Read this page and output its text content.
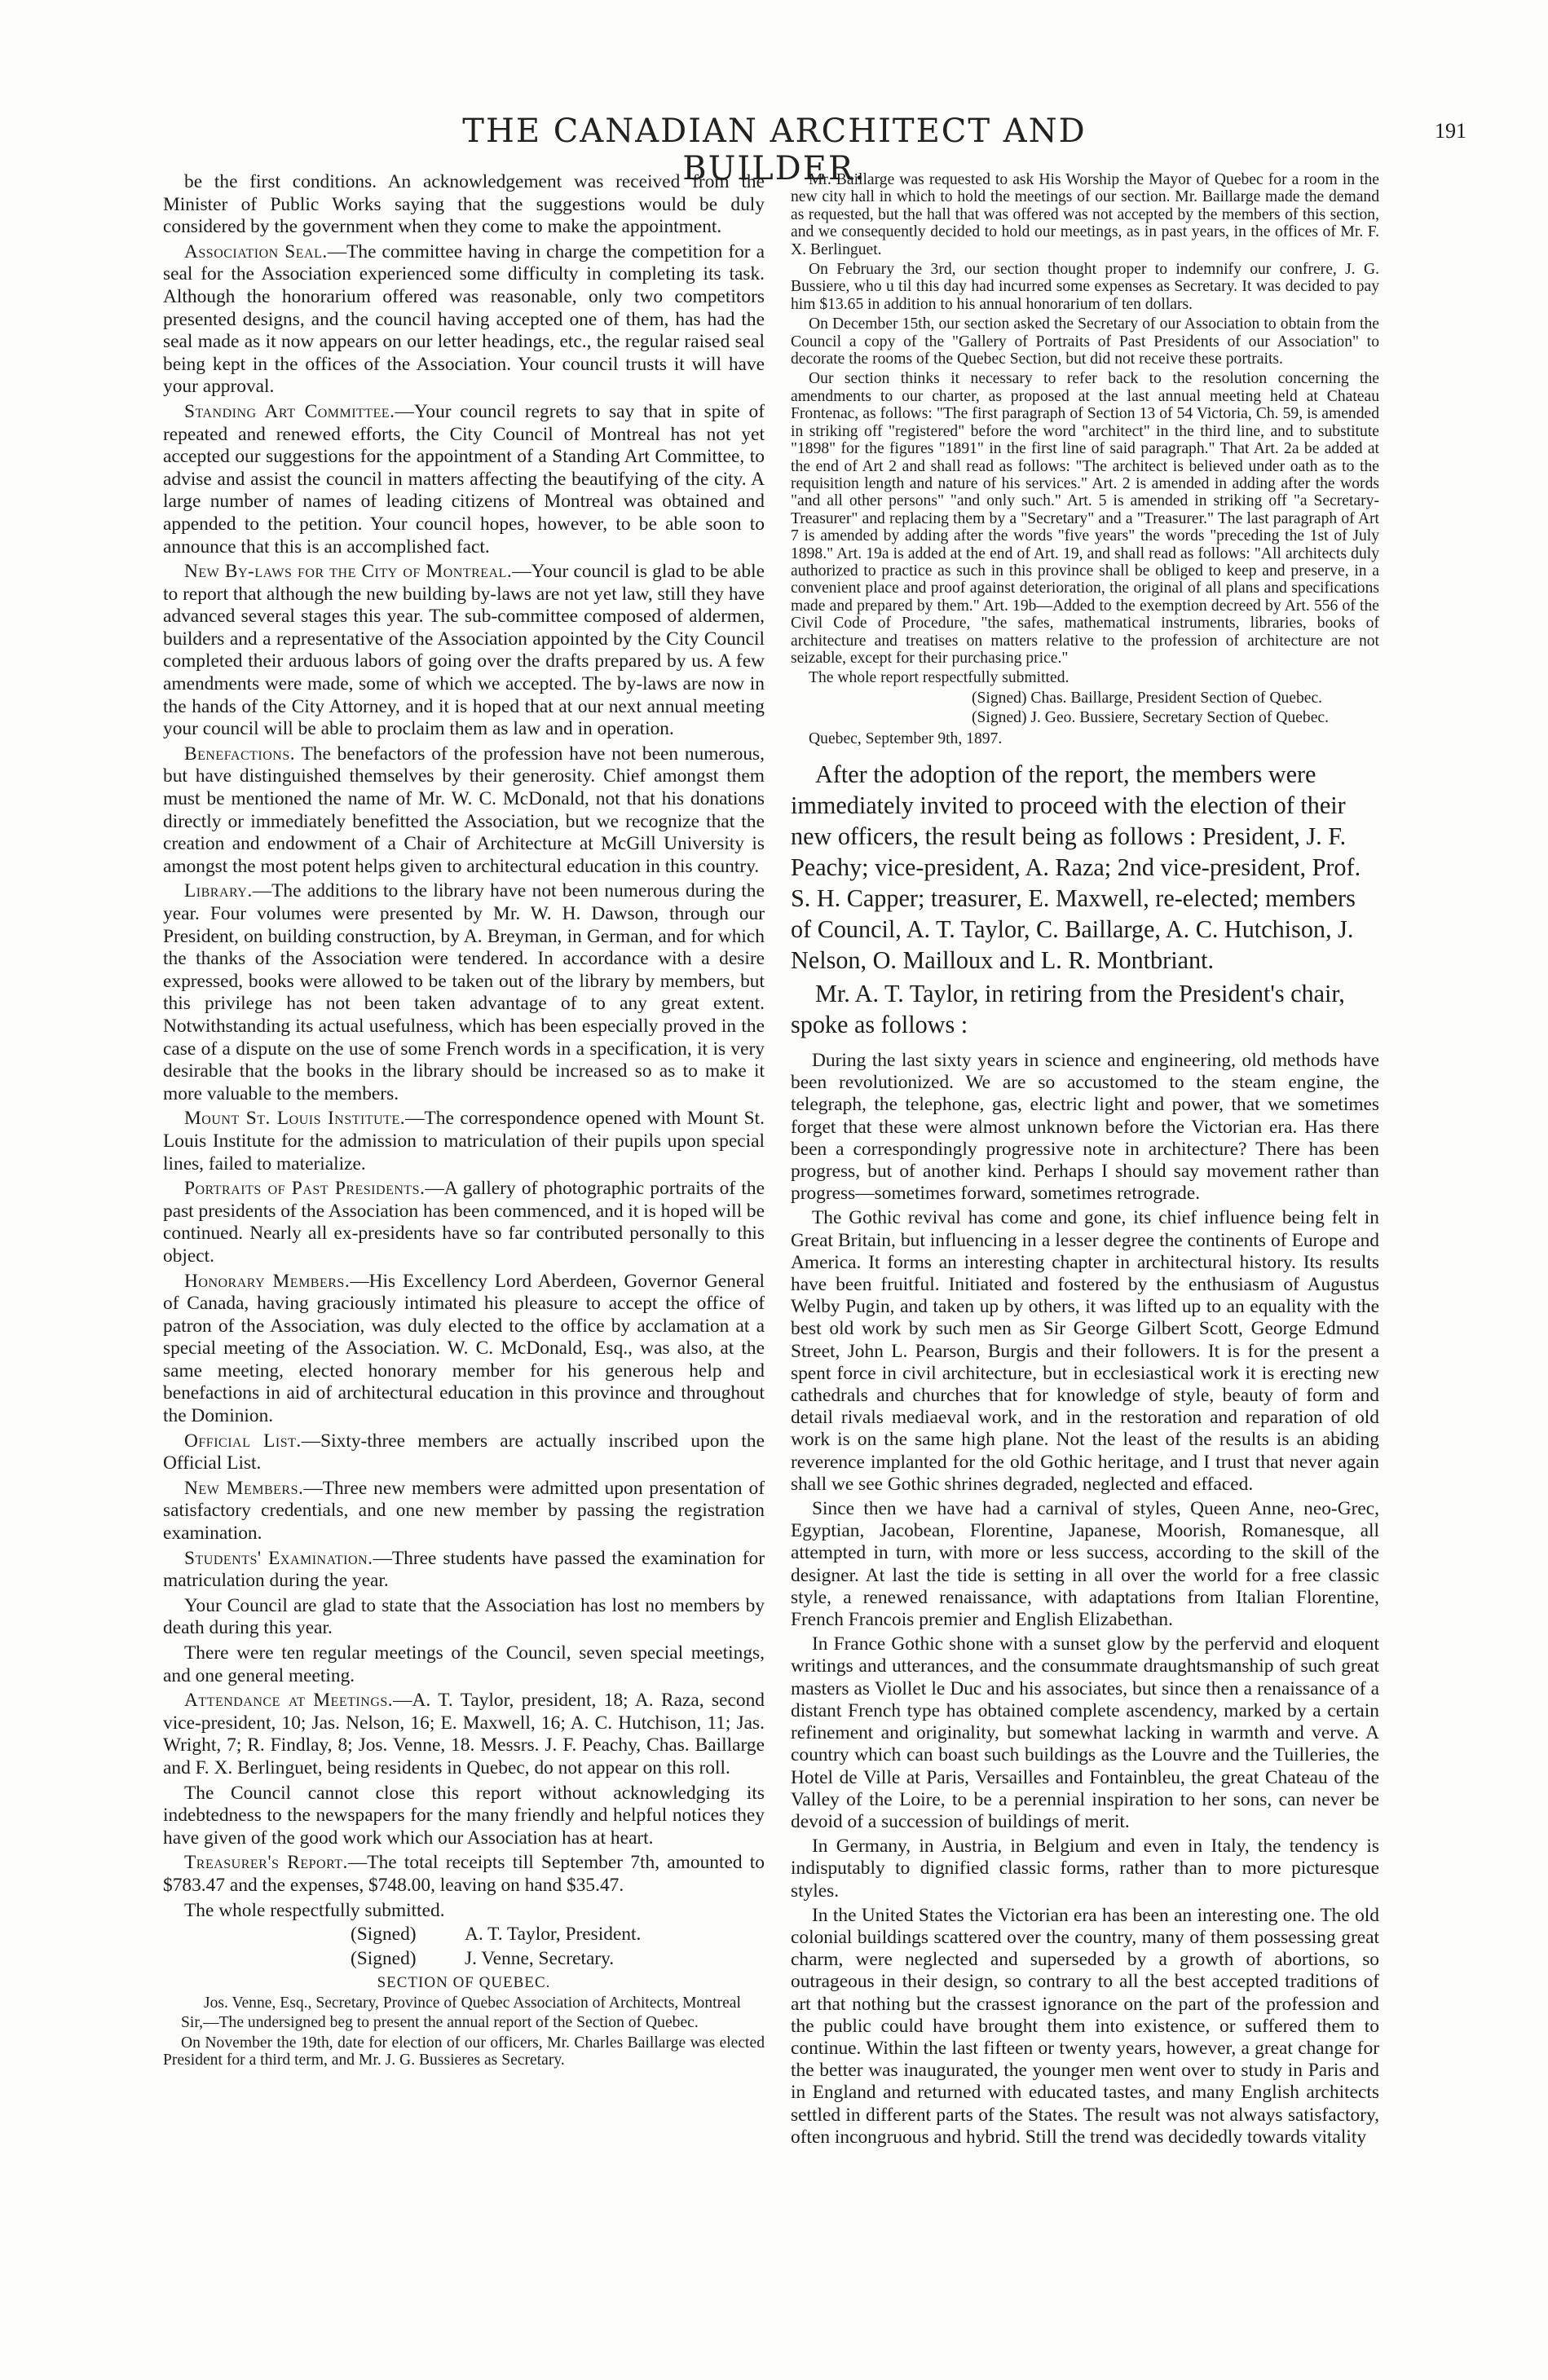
THE CANADIAN ARCHITECT AND BUILDER.
191

be the first conditions. An acknowledgement was received from the Minister of Public Works saying that the suggestions would be duly considered by the government when they come to make the appointment.

Association Seal.—The committee having in charge the competition for a seal for the Association experienced some difficulty in completing its task. Although the honorarium offered was reasonable, only two competitors presented designs, and the council having accepted one of them, has had the seal made as it now appears on our letter headings, etc., the regular raised seal being kept in the offices of the Association. Your council trusts it will have your approval.

Standing Art Committee.—Your council regrets to say that in spite of repeated and renewed efforts, the City Council of Montreal has not yet accepted our suggestions for the appointment of a Standing Art Committee, to advise and assist the council in matters affecting the beautifying of the city. A large number of names of leading citizens of Montreal was obtained and appended to the petition. Your council hopes, however, to be able soon to announce that this is an accomplished fact.

New By-laws for the City of Montreal.—Your council is glad to be able to report that although the new building by-laws are not yet law, still they have advanced several stages this year. The sub-committee composed of aldermen, builders and a representative of the Association appointed by the City Council completed their arduous labors of going over the drafts prepared by us. A few amendments were made, some of which we accepted. The by-laws are now in the hands of the City Attorney, and it is hoped that at our next annual meeting your council will be able to proclaim them as law and in operation.

Benefactions. The benefactors of the profession have not been numerous, but have distinguished themselves by their generosity. Chief amongst them must be mentioned the name of Mr. W. C. McDonald, not that his donations directly or immediately benefitted the Association, but we recognize that the creation and endowment of a Chair of Architecture at McGill University is amongst the most potent helps given to architectural education in this country.

Library.—The additions to the library have not been numerous during the year. Four volumes were presented by Mr. W. H. Dawson, through our President, on building construction, by A. Breyman, in German, and for which the thanks of the Association were tendered. In accordance with a desire expressed, books were allowed to be taken out of the library by members, but this privilege has not been taken advantage of to any great extent. Notwithstanding its actual usefulness, which has been especially proved in the case of a dispute on the use of some French words in a specification, it is very desirable that the books in the library should be increased so as to make it more valuable to the members.

Mount St. Louis Institute.—The correspondence opened with Mount St. Louis Institute for the admission to matriculation of their pupils upon special lines, failed to materialize.

Portraits of Past Presidents.—A gallery of photographic portraits of the past presidents of the Association has been commenced, and it is hoped will be continued. Nearly all ex-presidents have so far contributed personally to this object.

Honorary Members.—His Excellency Lord Aberdeen, Governor General of Canada, having graciously intimated his pleasure to accept the office of patron of the Association, was duly elected to the office by acclamation at a special meeting of the Association. W. C. McDonald, Esq., was also, at the same meeting, elected honorary member for his generous help and benefactions in aid of architectural education in this province and throughout the Dominion.

Official List.—Sixty-three members are actually inscribed upon the Official List.

New Members.—Three new members were admitted upon presentation of satisfactory credentials, and one new member by passing the registration examination.

Students' Examination.—Three students have passed the examination for matriculation during the year.

Your Council are glad to state that the Association has lost no members by death during this year.

There were ten regular meetings of the Council, seven special meetings, and one general meeting.

Attendance at Meetings.—A. T. Taylor, president, 18; A. Raza, second vice-president, 10; Jas. Nelson, 16; E. Maxwell, 16; A. C. Hutchison, 11; Jas. Wright, 7; R. Findlay, 8; Jos. Venne, 18. Messrs. J. F. Peachy, Chas. Baillarge and F. X. Berlinguet, being residents in Quebec, do not appear on this roll.

The Council cannot close this report without acknowledging its indebtedness to the newspapers for the many friendly and helpful notices they have given of the good work which our Association has at heart.

Treasurer's Report.—The total receipts till September 7th, amounted to $783.47 and the expenses, $748.00, leaving on hand $35.47.

The whole respectfully submitted.

(Signed)	A. T. Taylor, President.

(Signed)	J. Venne, Secretary.

SECTION OF QUEBEC.

Jos. Venne, Esq., Secretary, Province of Quebec Association of Architects, Montreal

Sir,—The undersigned beg to present the annual report of the Section of Quebec.

On November the 19th, date for election of our officers, Mr. Charles Baillarge was elected President for a third term, and Mr. J. G. Bussieres as Secretary.

Mr. Baillarge was requested to ask His Worship the Mayor of Quebec for a room in the new city hall in which to hold the meetings of our section. Mr. Baillarge made the demand as requested, but the hall that was offered was not accepted by the members of this section, and we consequently decided to hold our meetings, as in past years, in the offices of Mr. F. X. Berlinguet.

On February the 3rd, our section thought proper to indemnify our confrere, J. G. Bussiere, who u til this day had incurred some expenses as Secretary. It was decided to pay him $13.65 in addition to his annual honorarium of ten dollars.

On December 15th, our section asked the Secretary of our Association to obtain from the Council a copy of the "Gallery of Portraits of Past Presidents of our Association" to decorate the rooms of the Quebec Section, but did not receive these portraits.

Our section thinks it necessary to refer back to the resolution concerning the amendments to our charter, as proposed at the last annual meeting held at Chateau Frontenac, as follows: "The first paragraph of Section 13 of 54 Victoria, Ch. 59, is amended in striking off "registered" before the word "architect" in the third line, and to substitute "1898" for the figures "1891" in the first line of said paragraph." That Art. 2a be added at the end of Art 2 and shall read as follows: "The architect is believed under oath as to the requisition length and nature of his services." Art. 2 is amended in adding after the words "and all other persons" "and only such." Art. 5 is amended in striking off "a Secretary-Treasurer" and replacing them by a "Secretary" and a "Treasurer." The last paragraph of Art 7 is amended by adding after the words "five years" the words "preceding the 1st of July 1898." Art. 19a is added at the end of Art. 19, and shall read as follows: "All architects duly authorized to practice as such in this province shall be obliged to keep and preserve, in a convenient place and proof against deterioration, the original of all plans and specifications made and prepared by them." Art. 19b—Added to the exemption decreed by Art. 556 of the Civil Code of Procedure, "the safes, mathematical instruments, libraries, books of architecture and treatises on matters relative to the profession of architecture are not seizable, except for their purchasing price."

The whole report respectfully submitted.

(Signed) Chas. Baillarge, President Section of Quebec.

(Signed) J. Geo. Bussiere, Secretary Section of Quebec.

Quebec, September 9th, 1897.

After the adoption of the report, the members were immediately invited to proceed with the election of their new officers, the result being as follows : President, J. F. Peachy; vice-president, A. Raza; 2nd vice-president, Prof. S. H. Capper; treasurer, E. Maxwell, re-elected; members of Council, A. T. Taylor, C. Baillarge, A. C. Hutchison, J. Nelson, O. Mailloux and L. R. Montbriant.

Mr. A. T. Taylor, in retiring from the President's chair, spoke as follows :

During the last sixty years in science and engineering, old methods have been revolutionized. We are so accustomed to the steam engine, the telegraph, the telephone, gas, electric light and power, that we sometimes forget that these were almost unknown before the Victorian era. Has there been a correspondingly progressive note in architecture? There has been progress, but of another kind. Perhaps I should say movement rather than progress—sometimes forward, sometimes retrograde.

The Gothic revival has come and gone, its chief influence being felt in Great Britain, but influencing in a lesser degree the continents of Europe and America. It forms an interesting chapter in architectural history. Its results have been fruitful. Initiated and fostered by the enthusiasm of Augustus Welby Pugin, and taken up by others, it was lifted up to an equality with the best old work by such men as Sir George Gilbert Scott, George Edmund Street, John L. Pearson, Burgis and their followers. It is for the present a spent force in civil architecture, but in ecclesiastical work it is erecting new cathedrals and churches that for knowledge of style, beauty of form and detail rivals mediaeval work, and in the restoration and reparation of old work is on the same high plane. Not the least of the results is an abiding reverence implanted for the old Gothic heritage, and I trust that never again shall we see Gothic shrines degraded, neglected and effaced.

Since then we have had a carnival of styles, Queen Anne, neo-Grec, Egyptian, Jacobean, Florentine, Japanese, Moorish, Romanesque, all attempted in turn, with more or less success, according to the skill of the designer. At last the tide is setting in all over the world for a free classic style, a renewed renaissance, with adaptations from Italian Florentine, French Francois premier and English Elizabethan.

In France Gothic shone with a sunset glow by the perfervid and eloquent writings and utterances, and the consummate draughtsmanship of such great masters as Viollet le Duc and his associates, but since then a renaissance of a distant French type has obtained complete ascendency, marked by a certain refinement and originality, but somewhat lacking in warmth and verve. A country which can boast such buildings as the Louvre and the Tuilleries, the Hotel de Ville at Paris, Versailles and Fontainbleu, the great Chateau of the Valley of the Loire, to be a perennial inspiration to her sons, can never be devoid of a succession of buildings of merit.

In Germany, in Austria, in Belgium and even in Italy, the tendency is indisputably to dignified classic forms, rather than to more picturesque styles.

In the United States the Victorian era has been an interesting one. The old colonial buildings scattered over the country, many of them possessing great charm, were neglected and superseded by a growth of abortions, so outrageous in their design, so contrary to all the best accepted traditions of art that nothing but the crassest ignorance on the part of the profession and the public could have brought them into existence, or suffered them to continue. Within the last fifteen or twenty years, however, a great change for the better was inaugurated, the younger men went over to study in Paris and in England and returned with educated tastes, and many English architects settled in different parts of the States. The result was not always satisfactory, often incongruous and hybrid. Still the trend was decidedly towards vitality
